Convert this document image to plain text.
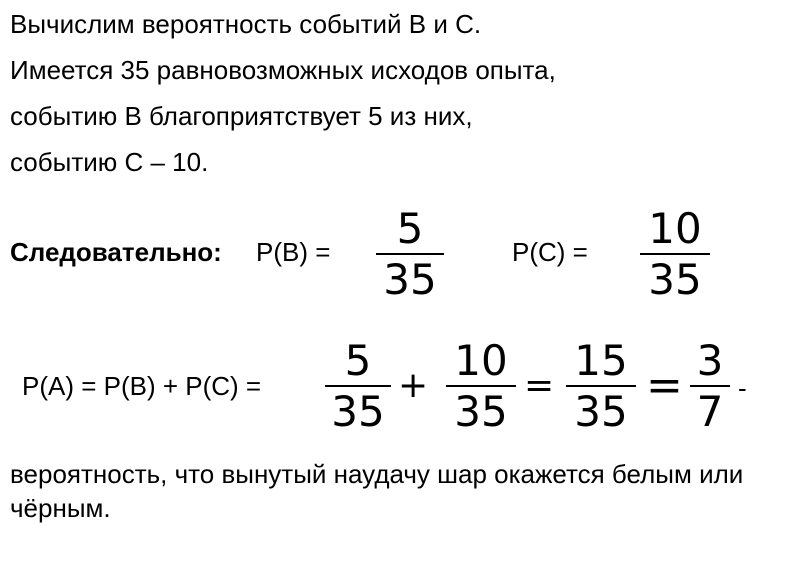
Вычислим вероятность событий В и С.
Имеется 35 равновозможных исходов опыта,
событию В благоприятствует 5 из них,
событию С – 10.
Следовательно: P(B) =	5
35
P(C) = 10
35
P(A) = P(B) + P(C) =
5
35
+
10
35
=
15
35
= 3
7 -
вероятность, что вынутый наудачу шар окажется белым или
чёрным.
